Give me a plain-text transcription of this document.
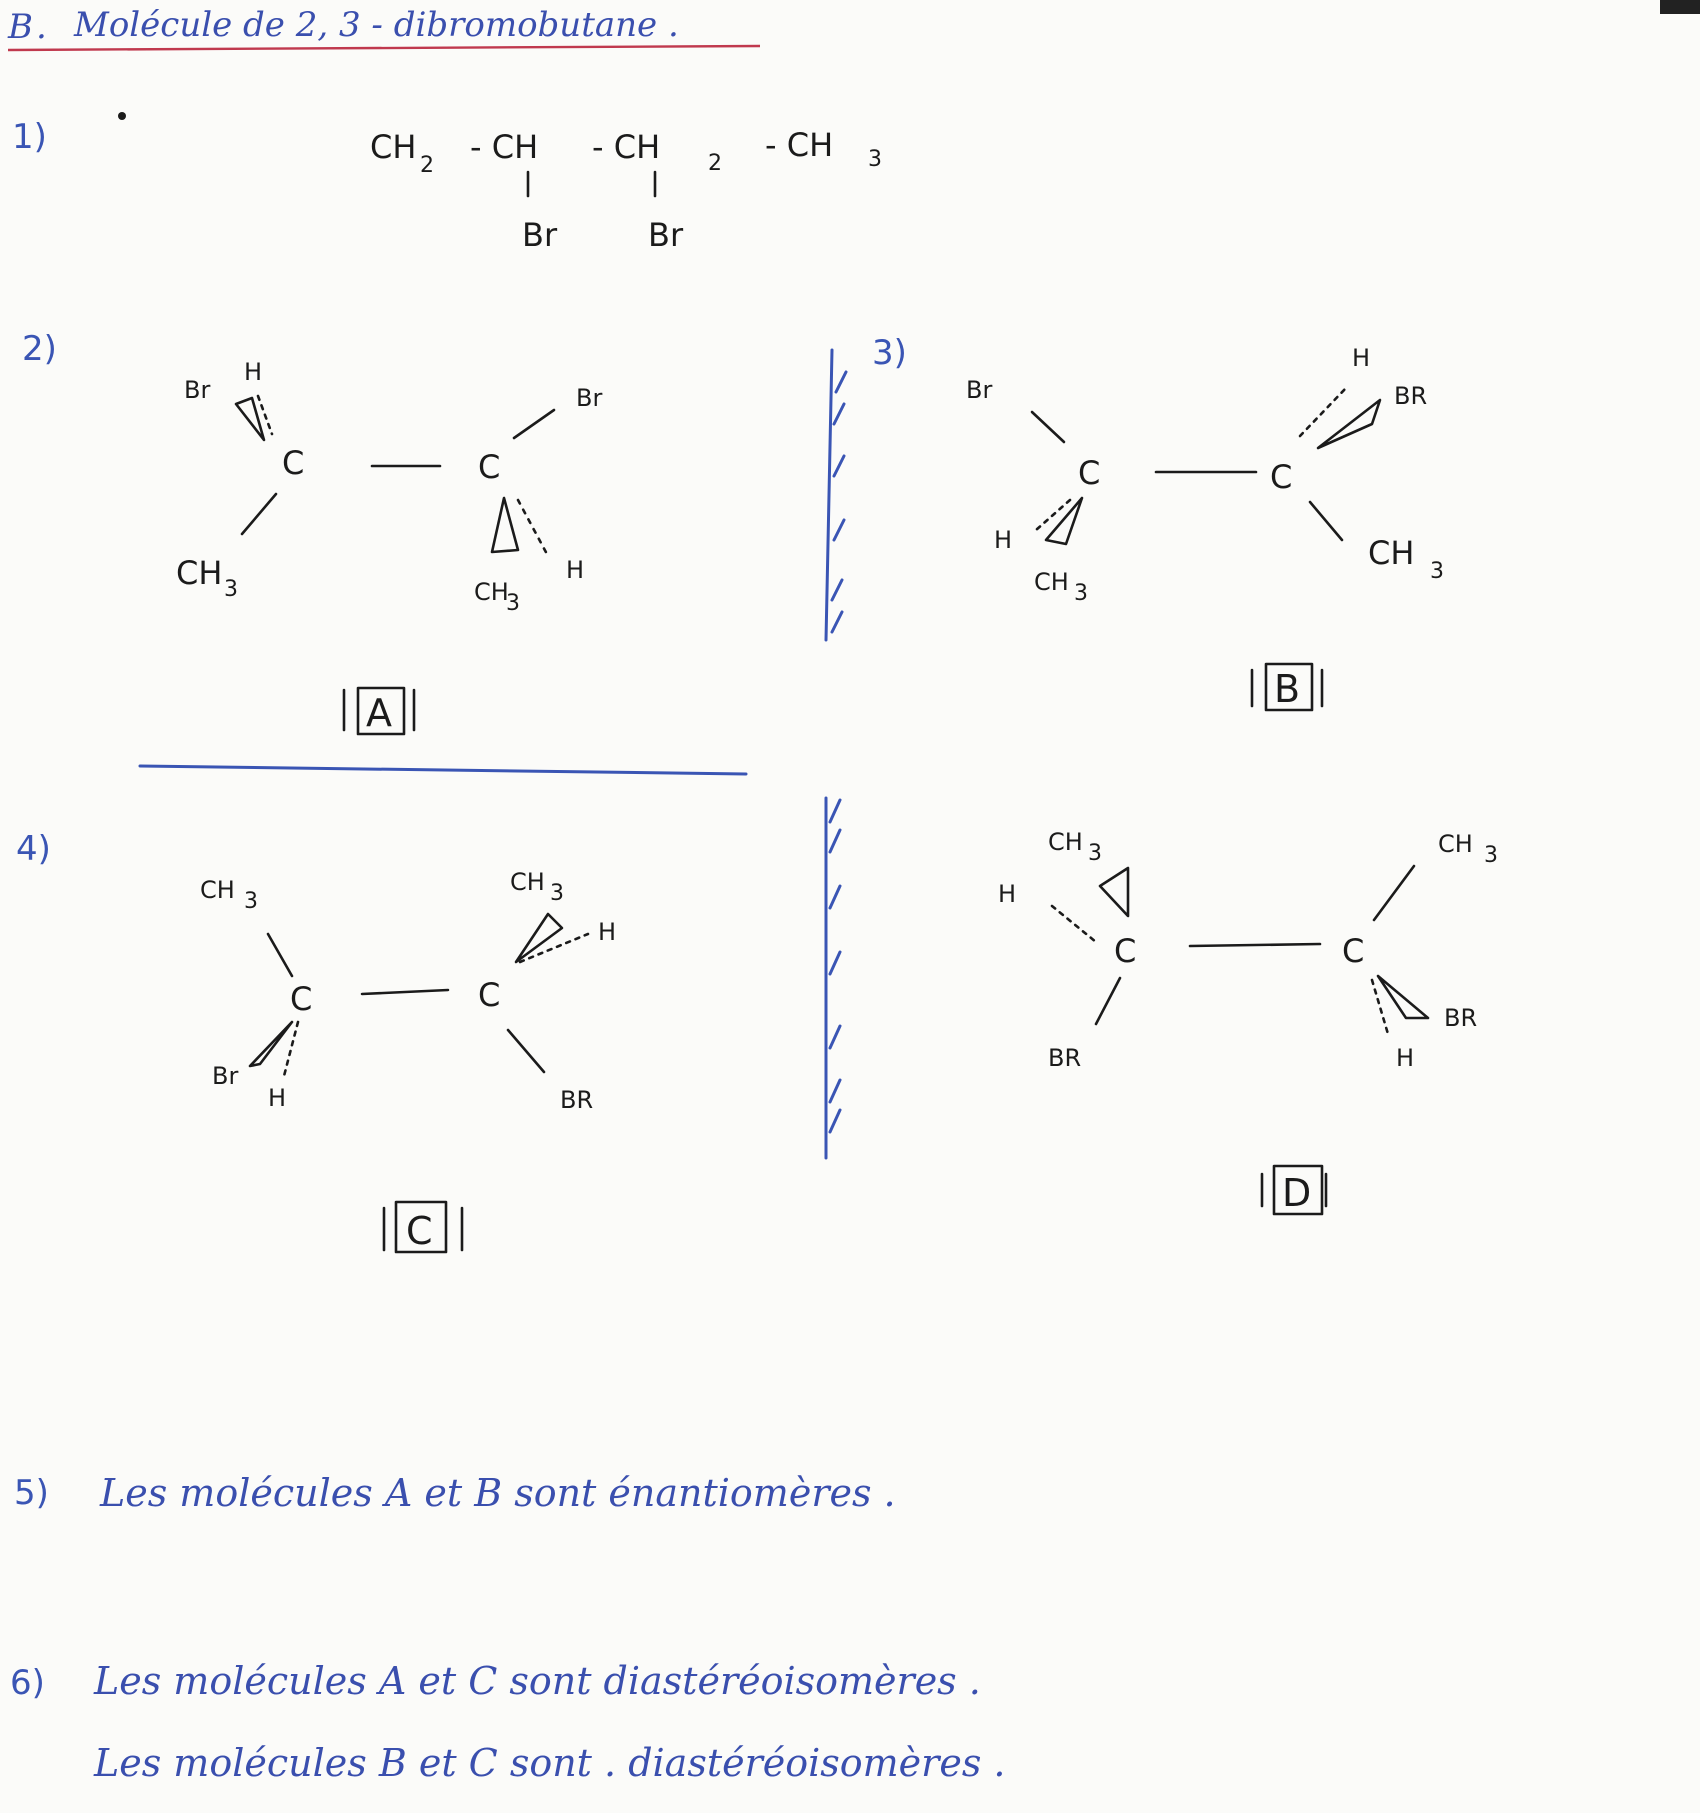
B . Molécule de 2, 3 - dibromobutane .
1)	CH 2 - CH - CH 2 - CH 3
Br	Br
2)
Br
H
C
CH 3
C
Br
CH
3
H
A
3)
Br
C
H
CH 3
C
H
BR
CH 3
B
4)
CH 3
C
Br
H
C
CH 3
H
BR
C
CH 3
H
C
BR
C
CH 3
BR
H
D
5) Les molécules A et B sont énantiomères .
6) Les molécules A et C sont diastéréoisomères .
Les molécules B et C sont . diastéréoisomères .
